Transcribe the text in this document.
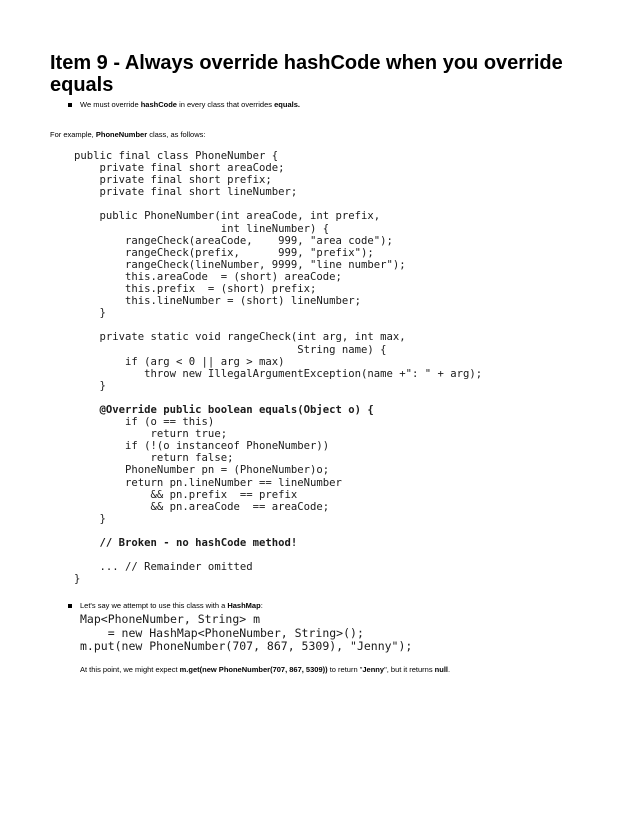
Item 9 - Always override hashCode when you override equals
We must override hashCode in every class that overrides equals.
For example, PhoneNumber class, as follows:
public final class PhoneNumber {
private final short areaCode;
private final short prefix;
private final short lineNumber;

public PhoneNumber(int areaCode, int prefix,
int lineNumber) {
rangeCheck(areaCode,    999, "area code");
rangeCheck(prefix,      999, "prefix");
rangeCheck(lineNumber, 9999, "line number");
this.areaCode  = (short) areaCode;
this.prefix  = (short) prefix;
this.lineNumber = (short) lineNumber;
}

private static void rangeCheck(int arg, int max,
String name) {
if (arg < 0 || arg > max)
throw new IllegalArgumentException(name +": " + arg);
}

@Override public boolean equals(Object o) {
if (o == this)
return true;
if (!(o instanceof PhoneNumber))
return false;
PhoneNumber pn = (PhoneNumber)o;
return pn.lineNumber == lineNumber
&& pn.prefix  == prefix
&& pn.areaCode  == areaCode;
}

// Broken - no hashCode method!

... // Remainder omitted
}
Let's say we attempt to use this class with a HashMap:
Map<PhoneNumber, String> m
= new HashMap<PhoneNumber, String>();
m.put(new PhoneNumber(707, 867, 5309), "Jenny");
At this point, we might expect m.get(new PhoneNumber(707, 867, 5309)) to return "Jenny", but it returns null.
